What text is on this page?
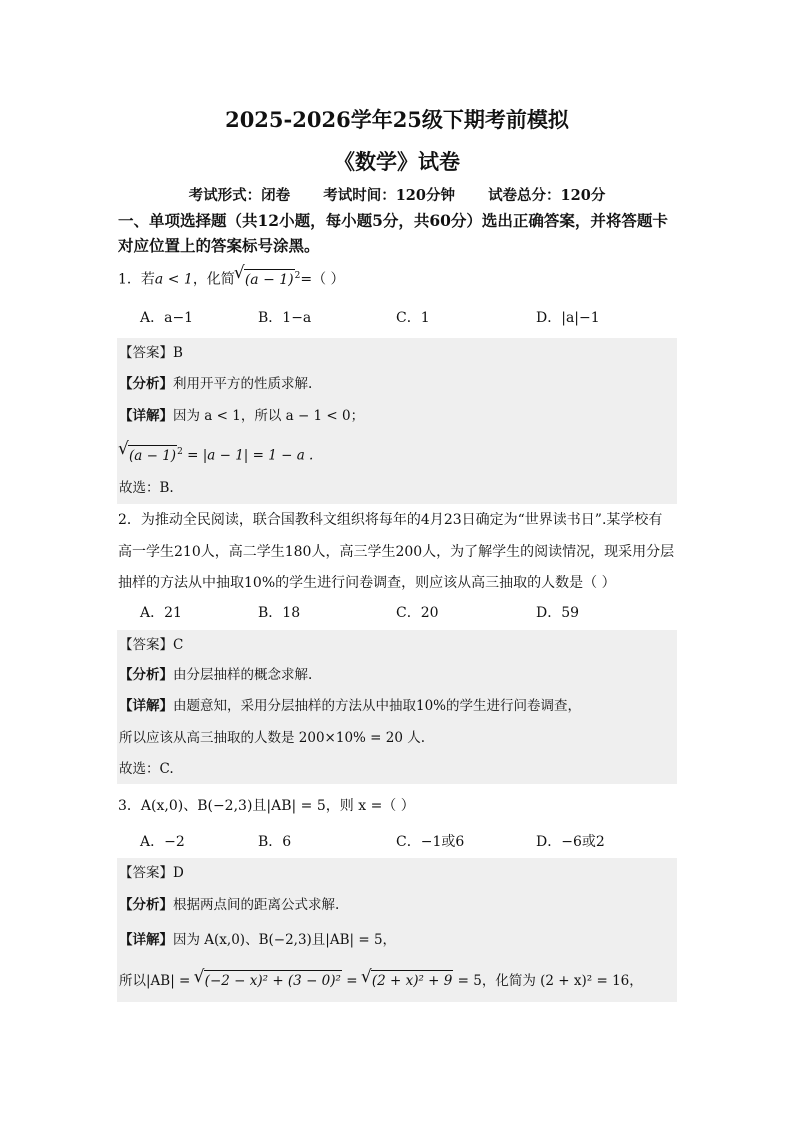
2025-2026学年25级下期考前模拟
《数学》试卷
考试形式：闭卷 考试时间：120分钟 试卷总分：120分
一、单项选择题（共12小题，每小题5分，共60分）选出正确答案，并将答题卡对应位置上的答案标号涂黑。
1．若a < 1，化简√ $(a - 1)^2=$（ ）
A．a−1	B．1−a	C．1	D．|a|−1
【答案】B
【分析】利用开平方的性质求解.
【详解】因为 a < 1，所以 a − 1 < 0；
√ $(a - 1)^2 = |a - 1| = 1 - a$ .
故选：B.
2．为推动全民阅读，联合国教科文组织将每年的4月23日确定为“世界读书日”.某学校有
高一学生210人，高二学生180人，高三学生200人，为了解学生的阅读情况，现采用分层
抽样的方法从中抽取10%的学生进行问卷调查，则应该从高三抽取的人数是（ ）
A．21	B．18	C．20	D．59
【答案】C
【分析】由分层抽样的概念求解.
【详解】由题意知，采用分层抽样的方法从中抽取10%的学生进行问卷调查，
所以应该从高三抽取的人数是 200×10% = 20 人.
故选：C.
3．A(x,0)、B(−2,3)且|AB| = 5，则 x =（ ）
A．−2	B．6	C．−1或6	D．−6或2
【答案】D
【分析】根据两点间的距离公式求解.
【详解】因为 A(x,0)、B(−2,3)且|AB| = 5，
所以|AB| = √ (−2 − x)² + (3 − 0)² = √ (2 + x)² + 9 = 5，化简为 (2 + x)² = 16，
